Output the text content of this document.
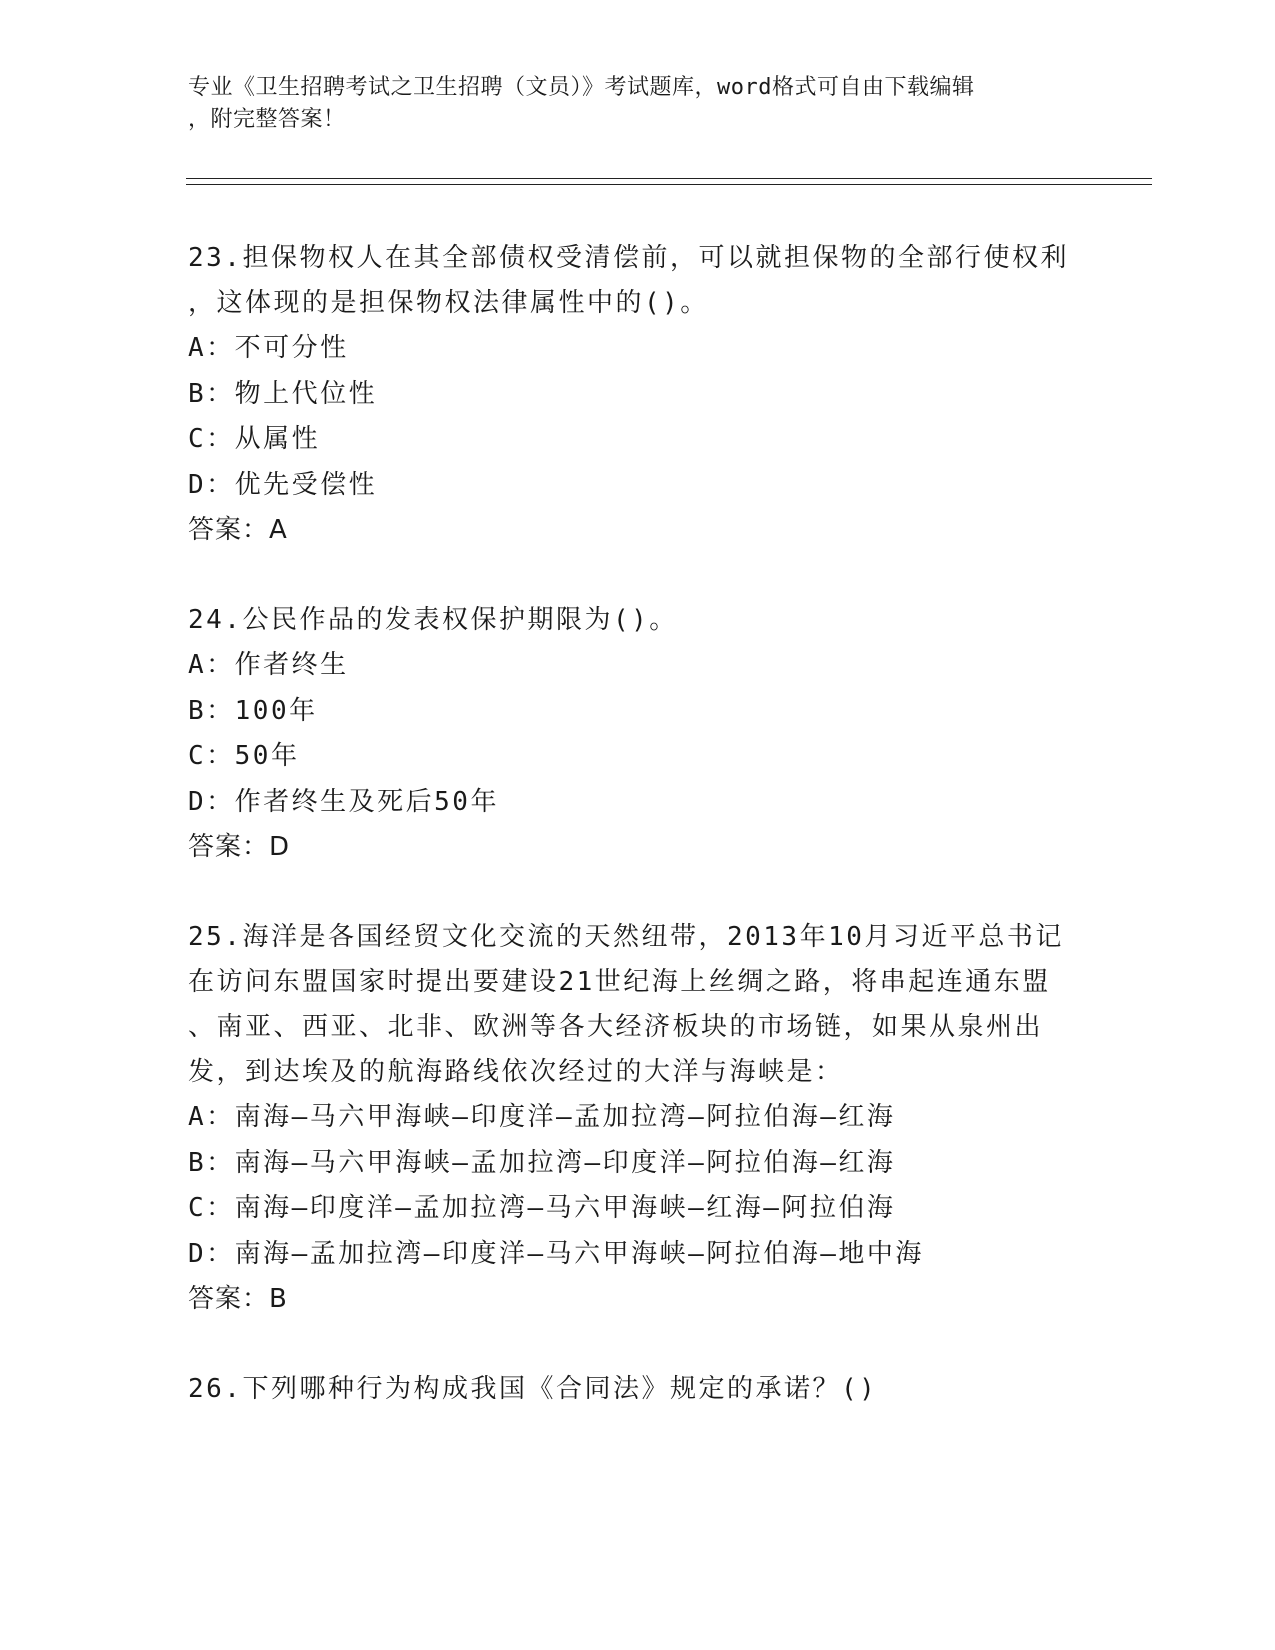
专业《卫生招聘考试之卫生招聘（文员）》考试题库，word格式可自由下载编辑
，附完整答案！
23.担保物权人在其全部债权受清偿前，可以就担保物的全部行使权利
，这体现的是担保物权法律属性中的()。
A：不可分性
B：物上代位性
C：从属性
D：优先受偿性
答案：A
24.公民作品的发表权保护期限为()。
A：作者终生
B：100年
C：50年
D：作者终生及死后50年
答案：D
25.海洋是各国经贸文化交流的天然纽带，2013年10月习近平总书记
在访问东盟国家时提出要建设21世纪海上丝绸之路，将串起连通东盟
、南亚、西亚、北非、欧洲等各大经济板块的市场链，如果从泉州出
发，到达埃及的航海路线依次经过的大洋与海峡是：
A：南海—马六甲海峡—印度洋—孟加拉湾—阿拉伯海—红海
B：南海—马六甲海峡—孟加拉湾—印度洋—阿拉伯海—红海
C：南海—印度洋—孟加拉湾—马六甲海峡—红海—阿拉伯海
D：南海—孟加拉湾—印度洋—马六甲海峡—阿拉伯海—地中海
答案：B
26.下列哪种行为构成我国《合同法》规定的承诺？()
